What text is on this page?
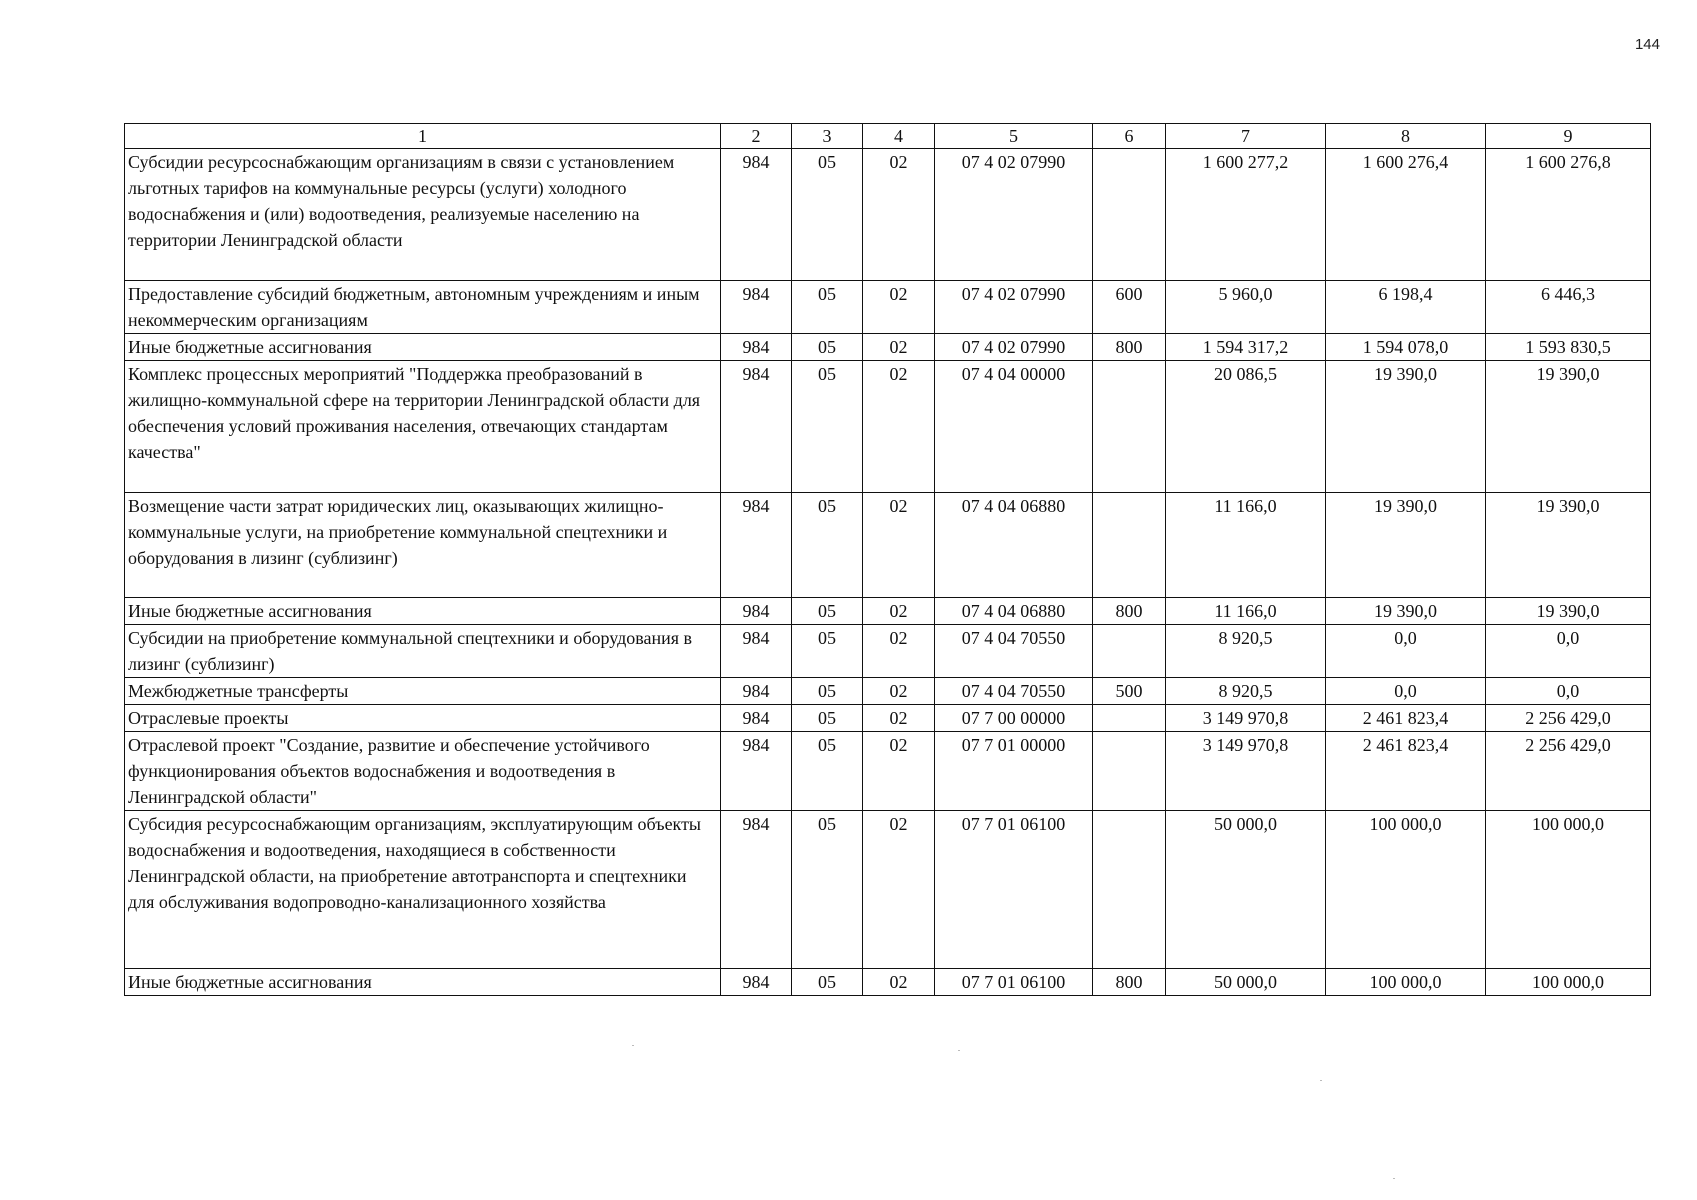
144
1	2	3	4	5	6	7	8	9
Субсидии ресурсоснабжающим организациям в связи с установлением льготных тарифов на коммунальные ресурсы (услуги) холодного водоснабжения и (или) водоотведения, реализуемые населению на территории Ленинградской области	984	05	02	07 4 02 07990		1 600 277,2	1 600 276,4	1 600 276,8
Предоставление субсидий бюджетным, автономным учреждениям и иным некоммерческим организациям	984	05	02	07 4 02 07990	600	5 960,0	6 198,4	6 446,3
Иные бюджетные ассигнования	984	05	02	07 4 02 07990	800	1 594 317,2	1 594 078,0	1 593 830,5
Комплекс процессных мероприятий "Поддержка преобразований в жилищно-коммунальной сфере на территории Ленинградской области для обеспечения условий проживания населения, отвечающих стандартам качества"	984	05	02	07 4 04 00000		20 086,5	19 390,0	19 390,0
Возмещение части затрат юридических лиц, оказывающих жилищно-коммунальные услуги, на приобретение коммунальной спецтехники и оборудования в лизинг (сублизинг)	984	05	02	07 4 04 06880		11 166,0	19 390,0	19 390,0
Иные бюджетные ассигнования	984	05	02	07 4 04 06880	800	11 166,0	19 390,0	19 390,0
Субсидии на приобретение коммунальной спецтехники и оборудования в лизинг (сублизинг)	984	05	02	07 4 04 70550		8 920,5	0,0	0,0
Межбюджетные трансферты	984	05	02	07 4 04 70550	500	8 920,5	0,0	0,0
Отраслевые проекты	984	05	02	07 7 00 00000		3 149 970,8	2 461 823,4	2 256 429,0
Отраслевой проект "Создание, развитие и обеспечение устойчивого функционирования объектов водоснабжения и водоотведения в Ленинградской области"	984	05	02	07 7 01 00000		3 149 970,8	2 461 823,4	2 256 429,0
Субсидия ресурсоснабжающим организациям, эксплуатирующим объекты водоснабжения и водоотведения, находящиеся в собственности Ленинградской области, на приобретение автотранспорта и спецтехники для обслуживания водопроводно-канализационного хозяйства	984	05	02	07 7 01 06100		50 000,0	100 000,0	100 000,0
Иные бюджетные ассигнования	984	05	02	07 7 01 06100	800	50 000,0	100 000,0	100 000,0
